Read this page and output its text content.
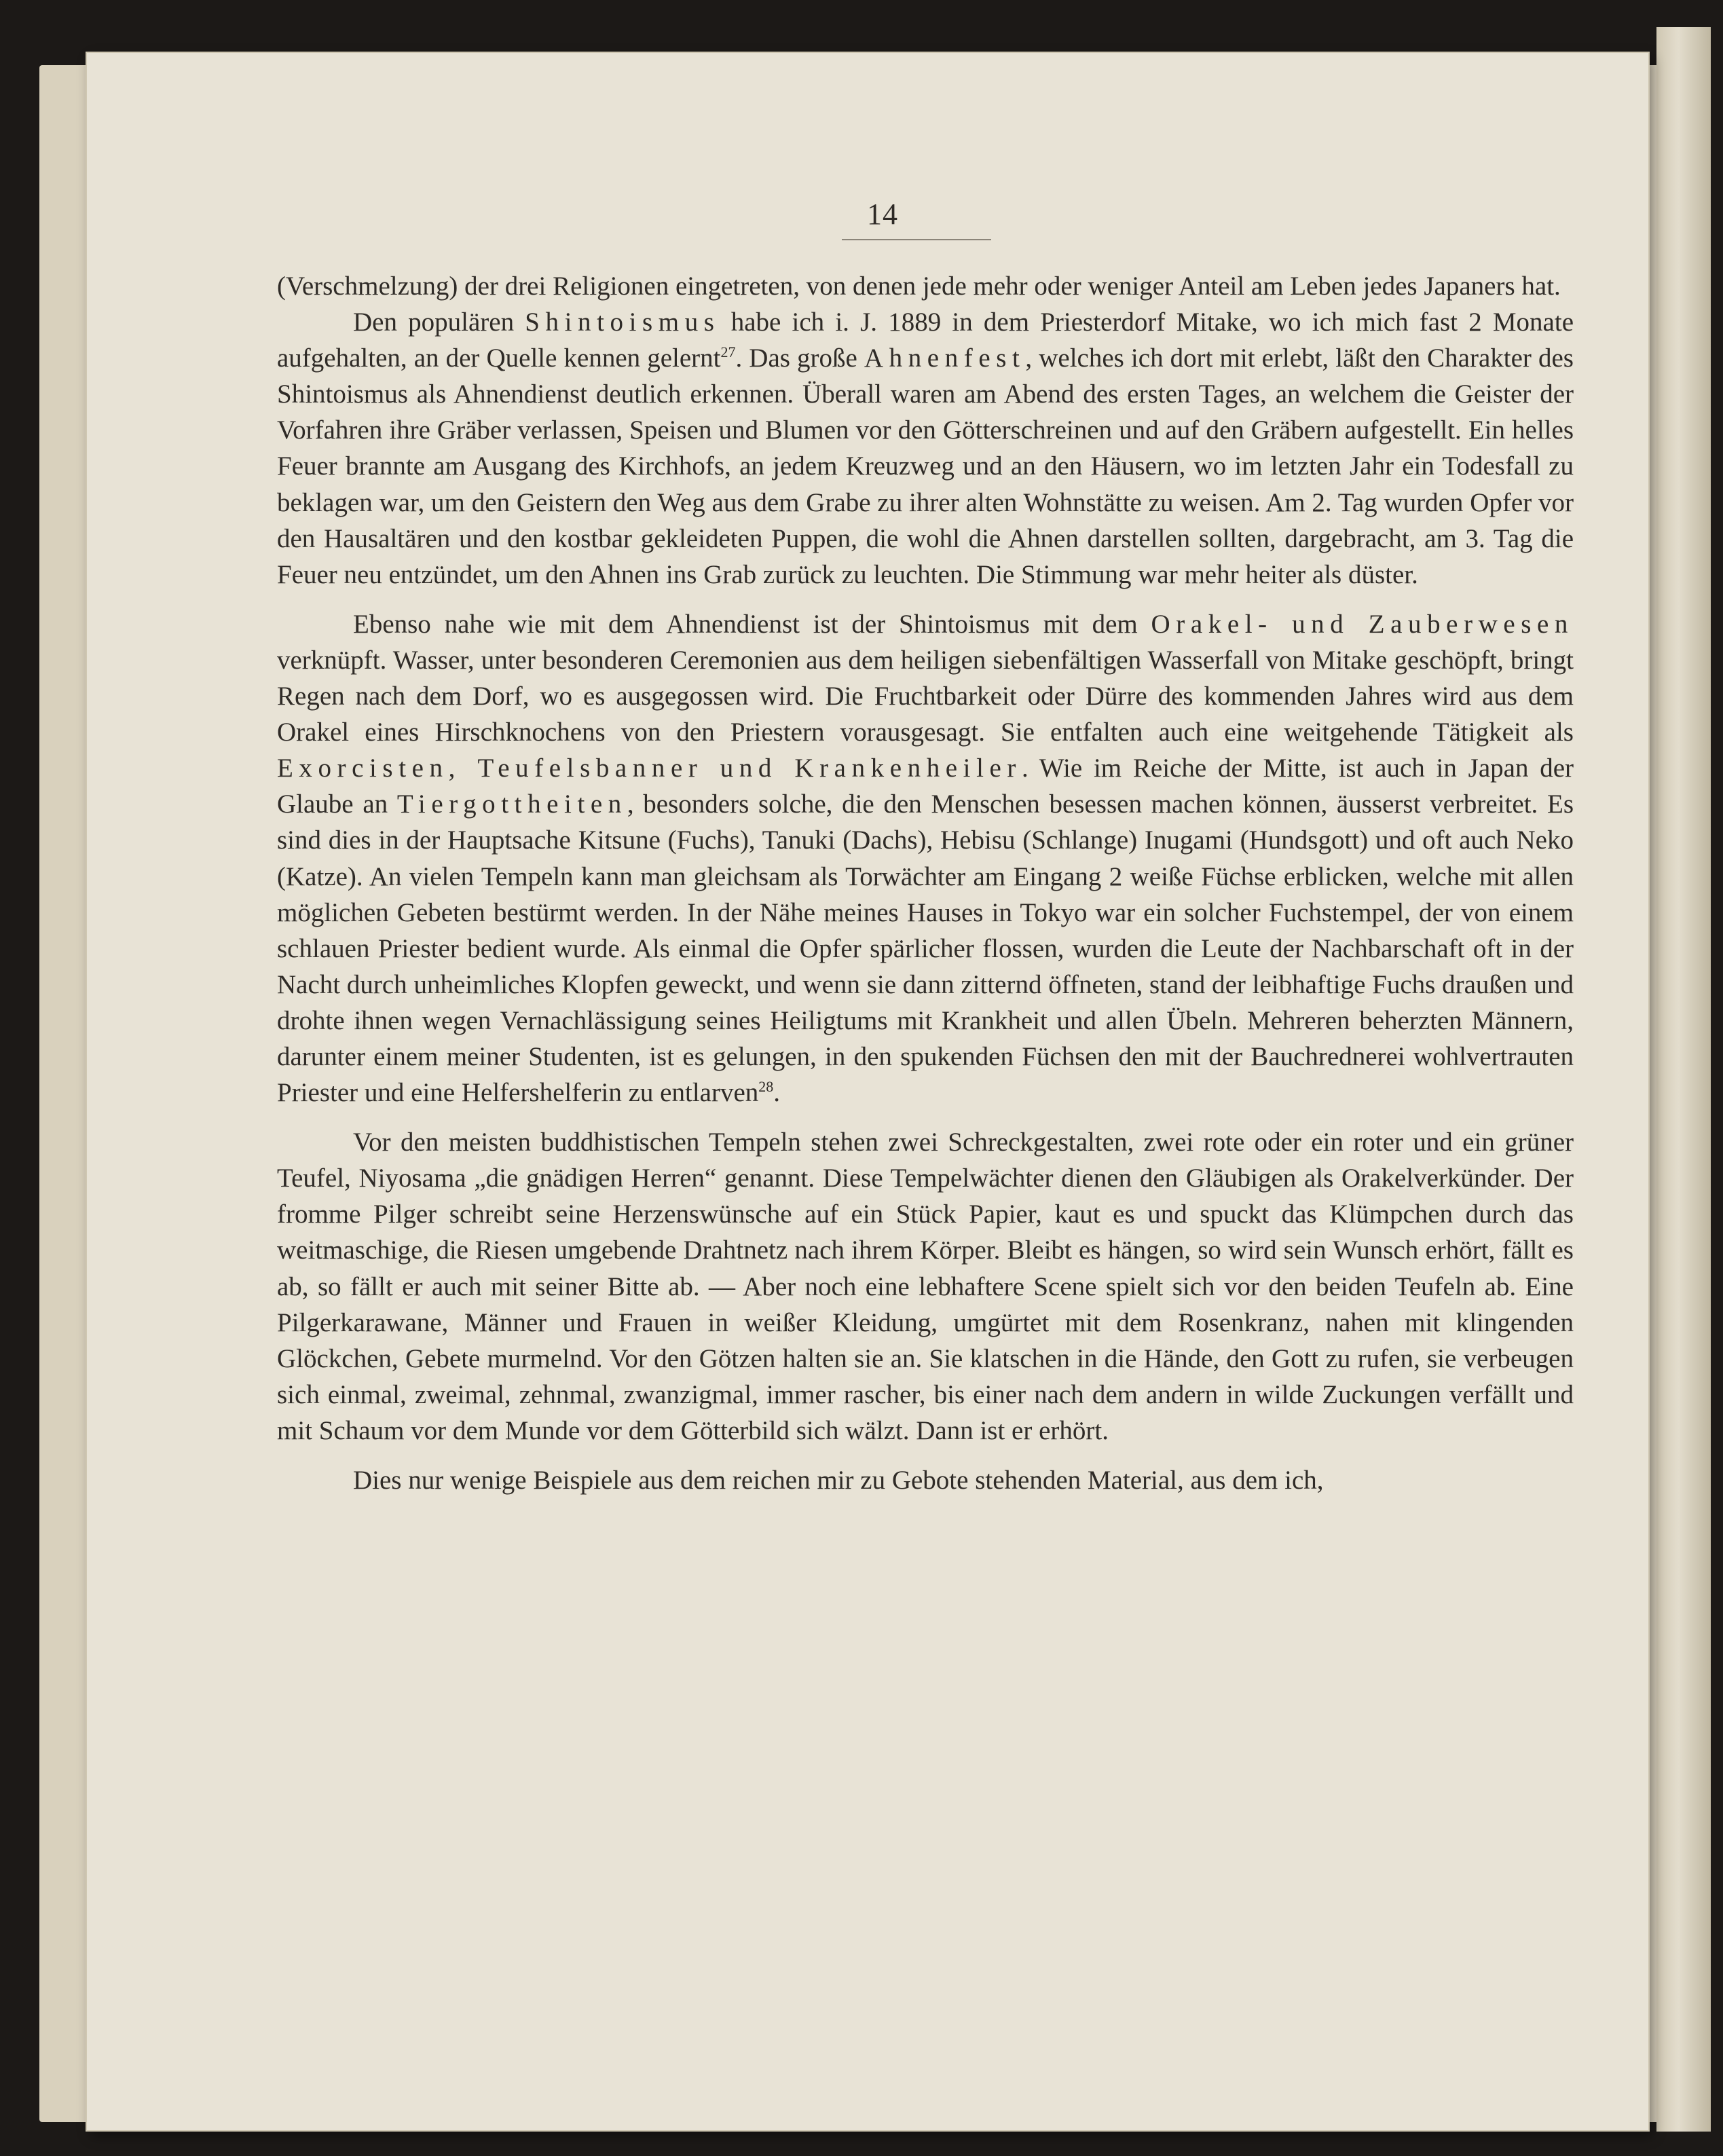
14

(Verschmelzung) der drei Religionen eingetreten, von denen jede mehr oder weniger Anteil am Leben jedes Japaners hat.

Den populären Shintoismus habe ich i. J. 1889 in dem Priesterdorf Mitake, wo ich mich fast 2 Monate aufgehalten, an der Quelle kennen gelernt$^{27}$. Das große Ahnenfest, welches ich dort mit erlebt, läßt den Charakter des Shintoismus als Ahnendienst deutlich erkennen. Überall waren am Abend des ersten Tages, an welchem die Geister der Vorfahren ihre Gräber verlassen, Speisen und Blumen vor den Götterschreinen und auf den Gräbern aufgestellt. Ein helles Feuer brannte am Ausgang des Kirchhofs, an jedem Kreuzweg und an den Häusern, wo im letzten Jahr ein Todesfall zu beklagen war, um den Geistern den Weg aus dem Grabe zu ihrer alten Wohnstätte zu weisen. Am 2. Tag wurden Opfer vor den Hausaltären und den kostbar gekleideten Puppen, die wohl die Ahnen darstellen sollten, dargebracht, am 3. Tag die Feuer neu entzündet, um den Ahnen ins Grab zurück zu leuchten. Die Stimmung war mehr heiter als düster.

Ebenso nahe wie mit dem Ahnendienst ist der Shintoismus mit dem Orakel- und Zauberwesen verknüpft. Wasser, unter besonderen Ceremonien aus dem heiligen siebenfältigen Wasserfall von Mitake geschöpft, bringt Regen nach dem Dorf, wo es ausgegossen wird. Die Fruchtbarkeit oder Dürre des kommenden Jahres wird aus dem Orakel eines Hirschknochens von den Priestern vorausgesagt. Sie entfalten auch eine weitgehende Tätigkeit als Exorcisten, Teufelsbanner und Krankenheiler. Wie im Reiche der Mitte, ist auch in Japan der Glaube an Tiergottheiten, besonders solche, die den Menschen besessen machen können, äusserst verbreitet. Es sind dies in der Hauptsache Kitsune (Fuchs), Tanuki (Dachs), Hebisu (Schlange) Inugami (Hundsgott) und oft auch Neko (Katze). An vielen Tempeln kann man gleichsam als Torwächter am Eingang 2 weiße Füchse erblicken, welche mit allen möglichen Gebeten bestürmt werden. In der Nähe meines Hauses in Tokyo war ein solcher Fuchstempel, der von einem schlauen Priester bedient wurde. Als einmal die Opfer spärlicher flossen, wurden die Leute der Nachbarschaft oft in der Nacht durch unheimliches Klopfen geweckt, und wenn sie dann zitternd öffneten, stand der leibhaftige Fuchs draußen und drohte ihnen wegen Vernachlässigung seines Heiligtums mit Krankheit und allen Übeln. Mehreren beherzten Männern, darunter einem meiner Studenten, ist es gelungen, in den spukenden Füchsen den mit der Bauchrednerei wohlvertrauten Priester und eine Helfershelferin zu entlarven$^{28}$.

Vor den meisten buddhistischen Tempeln stehen zwei Schreckgestalten, zwei rote oder ein roter und ein grüner Teufel, Niyosama „die gnädigen Herren“ genannt. Diese Tempelwächter dienen den Gläubigen als Orakelverkünder. Der fromme Pilger schreibt seine Herzenswünsche auf ein Stück Papier, kaut es und spuckt das Klümpchen durch das weitmaschige, die Riesen umgebende Drahtnetz nach ihrem Körper. Bleibt es hängen, so wird sein Wunsch erhört, fällt es ab, so fällt er auch mit seiner Bitte ab. — Aber noch eine lebhaftere Scene spielt sich vor den beiden Teufeln ab. Eine Pilgerkarawane, Männer und Frauen in weißer Kleidung, umgürtet mit dem Rosenkranz, nahen mit klingenden Glöckchen, Gebete murmelnd. Vor den Götzen halten sie an. Sie klatschen in die Hände, den Gott zu rufen, sie verbeugen sich einmal, zweimal, zehnmal, zwanzigmal, immer rascher, bis einer nach dem andern in wilde Zuckungen verfällt und mit Schaum vor dem Munde vor dem Götterbild sich wälzt. Dann ist er erhört.

Dies nur wenige Beispiele aus dem reichen mir zu Gebote stehenden Material, aus dem ich,
